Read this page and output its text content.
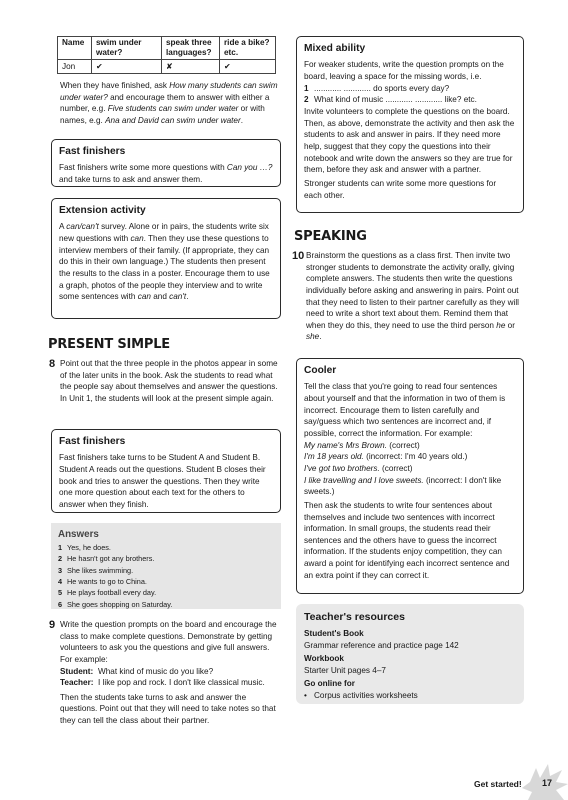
Name	swim under water?	speak three languages?	ride a bike? etc.
Jon	✔	✘	✔
When they have finished, ask How many students can swim under water? and encourage them to answer with either a number, e.g. Five students can swim under water or with names, e.g. Ana and David can swim under water.
Fast finishers

Fast finishers write some more questions with Can you …? and take turns to ask and answer them.

Extension activity

A can/can't survey. Alone or in pairs, the students write six new questions with can. Then they use these questions to interview members of their family. (If appropriate, they can do this in their own language.) The students then present the results to the class in a poster. Encourage them to use a graph, photos of the people they interview and to write some sentences with can and can't.

PRESENT SIMPLE
8 Point out that the three people in the photos appear in some of the later units in the book. Ask the students to read what the people say about themselves and answer the questions. In Unit 1, the students will look at the present simple again.
Fast finishers

Fast finishers take turns to be Student A and Student B. Student A reads out the questions. Student B closes their book and tries to answer the questions. Then they write one more question about each text for the others to answer when they finish.

Answers
1 Yes, he does.
2 He hasn't got any brothers.
3 She likes swimming.
4 He wants to go to China.
5 He plays football every day.
6 She goes shopping on Saturday.
9 Write the question prompts on the board and encourage the class to make complete questions. Demonstrate by getting volunteers to ask you the questions and give full answers. For example:
Student: What kind of music do you like?
Teacher: I like pop and rock. I don't like classical music.
Then the students take turns to ask and answer the questions. Point out that they will need to take notes so that they can tell the class about their partner.
Mixed ability

For weaker students, write the question prompts on the board, leaving a space for the missing words, i.e.

1 ............ ............ do sports every day?

2 What kind of music ............ ............ like? etc.

Invite volunteers to complete the questions on the board. Then, as above, demonstrate the activity and then ask the students to ask and answer in pairs. If they need more help, suggest that they copy the questions into their notebook and write down the answers so they are true for them, before they ask and answer with a partner.

Stronger students can write some more questions for each other.

SPEAKING
10 Brainstorm the questions as a class first. Then invite two stronger students to demonstrate the activity orally, giving complete answers. The students then write the questions individually before asking and answering in pairs. Point out that they need to listen to their partner carefully as they will need to write a short text about them. Remind them that when they do this, they need to use the third person he or she.
Cooler

Tell the class that you're going to read four sentences about yourself and that the information in two of them is incorrect. Encourage them to listen carefully and say/guess which two sentences are incorrect and, if possible, correct the information. For example:

My name's Mrs Brown. (correct)

I'm 18 years old. (incorrect: I'm 40 years old.)

I've got two brothers. (correct)

I like travelling and I love sweets. (incorrect: I don't like sweets.)

Then ask the students to write four sentences about themselves and include two sentences with incorrect information. In small groups, the students read their sentences and the others have to guess the incorrect information. If the students enjoy competition, they can award a point for identifying each incorrect sentence and an extra point if they can correct it.

Teacher's resources
Student's Book
Grammar reference and practice page 142
Workbook
Starter Unit pages 4–7
Go online for
• Corpus activities worksheets
Get started! 17
